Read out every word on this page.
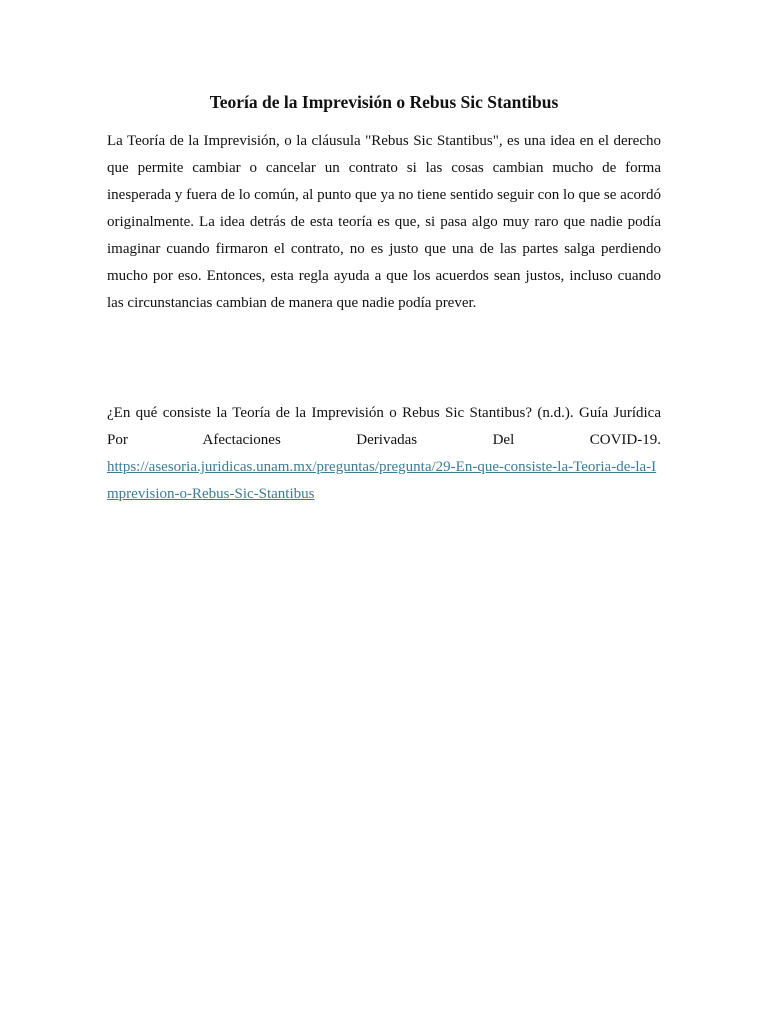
Teoría de la Imprevisión o Rebus Sic Stantibus

La Teoría de la Imprevisión, o la cláusula "Rebus Sic Stantibus", es una idea en el derecho que permite cambiar o cancelar un contrato si las cosas cambian mucho de forma inesperada y fuera de lo común, al punto que ya no tiene sentido seguir con lo que se acordó originalmente. La idea detrás de esta teoría es que, si pasa algo muy raro que nadie podía imaginar cuando firmaron el contrato, no es justo que una de las partes salga perdiendo mucho por eso. Entonces, esta regla ayuda a que los acuerdos sean justos, incluso cuando las circunstancias cambian de manera que nadie podía prever.

¿En qué consiste la Teoría de la Imprevisión o Rebus Sic Stantibus? (n.d.). Guía Jurídica
Por Afectaciones Derivadas Del COVID-19.
https://asesoria.juridicas.unam.mx/preguntas/pregunta/29-En-que-consiste-la-Teoria-de-la-Imprevision-o-Rebus-Sic-Stantibus
